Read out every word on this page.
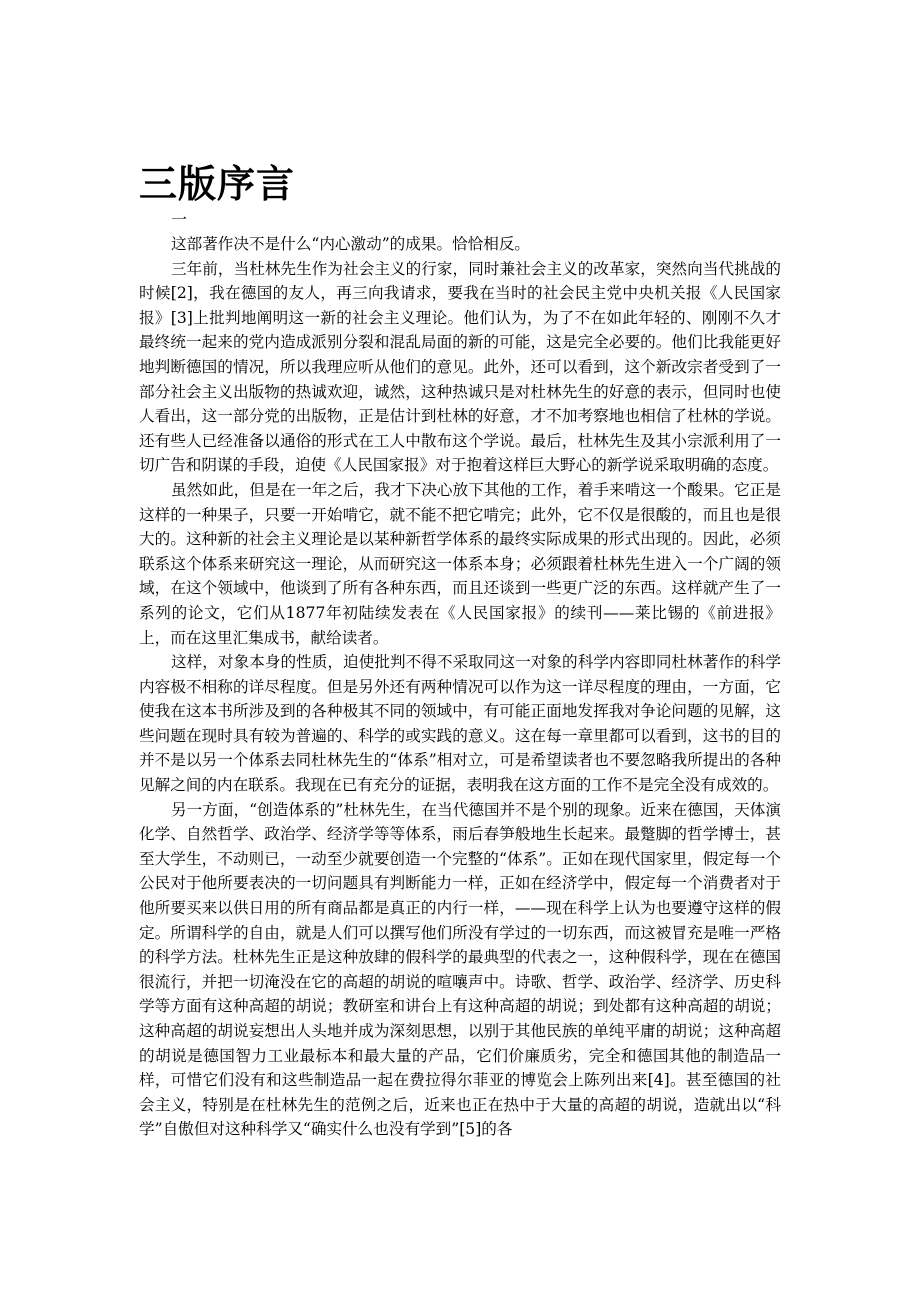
三版序言

一

这部著作决不是什么“内心激动”的成果。恰恰相反。

三年前，当杜林先生作为社会主义的行家，同时兼社会主义的改革家，突然向当代挑战的时候[2]，我在德国的友人，再三向我请求，要我在当时的社会民主党中央机关报《人民国家报》[3]上批判地阐明这一新的社会主义理论。他们认为，为了不在如此年轻的、刚刚不久才最终统一起来的党内造成派别分裂和混乱局面的新的可能，这是完全必要的。他们比我能更好地判断德国的情况，所以我理应听从他们的意见。此外，还可以看到，这个新改宗者受到了一部分社会主义出版物的热诚欢迎，诚然，这种热诚只是对杜林先生的好意的表示，但同时也使人看出，这一部分党的出版物，正是估计到杜林的好意，才不加考察地也相信了杜林的学说。还有些人已经准备以通俗的形式在工人中散布这个学说。最后，杜林先生及其小宗派利用了一切广告和阴谋的手段，迫使《人民国家报》对于抱着这样巨大野心的新学说采取明确的态度。

虽然如此，但是在一年之后，我才下决心放下其他的工作，着手来啃这一个酸果。它正是这样的一种果子，只要一开始啃它，就不能不把它啃完；此外，它不仅是很酸的，而且也是很大的。这种新的社会主义理论是以某种新哲学体系的最终实际成果的形式出现的。因此，必须联系这个体系来研究这一理论，从而研究这一体系本身；必须跟着杜林先生进入一个广阔的领域，在这个领域中，他谈到了所有各种东西，而且还谈到一些更广泛的东西。这样就产生了一系列的论文，它们从1877年初陆续发表在《人民国家报》的续刊——莱比锡的《前进报》上，而在这里汇集成书，献给读者。

这样，对象本身的性质，迫使批判不得不采取同这一对象的科学内容即同杜林著作的科学内容极不相称的详尽程度。但是另外还有两种情况可以作为这一详尽程度的理由，一方面，它使我在这本书所涉及到的各种极其不同的领域中，有可能正面地发挥我对争论问题的见解，这些问题在现时具有较为普遍的、科学的或实践的意义。这在每一章里都可以看到，这书的目的并不是以另一个体系去同杜林先生的“体系”相对立，可是希望读者也不要忽略我所提出的各种见解之间的内在联系。我现在已有充分的证据，表明我在这方面的工作不是完全没有成效的。

另一方面，“创造体系的”杜林先生，在当代德国并不是个别的现象。近来在德国，天体演化学、自然哲学、政治学、经济学等等体系，雨后春笋般地生长起来。最蹩脚的哲学博士，甚至大学生，不动则已，一动至少就要创造一个完整的“体系”。正如在现代国家里，假定每一个公民对于他所要表决的一切问题具有判断能力一样，正如在经济学中，假定每一个消费者对于他所要买来以供日用的所有商品都是真正的内行一样，——现在科学上认为也要遵守这样的假定。所谓科学的自由，就是人们可以撰写他们所没有学过的一切东西，而这被冒充是唯一严格的科学方法。杜林先生正是这种放肆的假科学的最典型的代表之一，这种假科学，现在在德国很流行，并把一切淹没在它的高超的胡说的喧嚷声中。诗歌、哲学、政治学、经济学、历史科学等方面有这种高超的胡说；教研室和讲台上有这种高超的胡说；到处都有这种高超的胡说；这种高超的胡说妄想出人头地并成为深刻思想，以别于其他民族的单纯平庸的胡说；这种高超的胡说是德国智力工业最标本和最大量的产品，它们价廉质劣，完全和德国其他的制造品一样，可惜它们没有和这些制造品一起在费拉得尔菲亚的博览会上陈列出来[4]。甚至德国的社会主义，特别是在杜林先生的范例之后，近来也正在热中于大量的高超的胡说，造就出以“科学”自傲但对这种科学又“确实什么也没有学到”[5]的各
